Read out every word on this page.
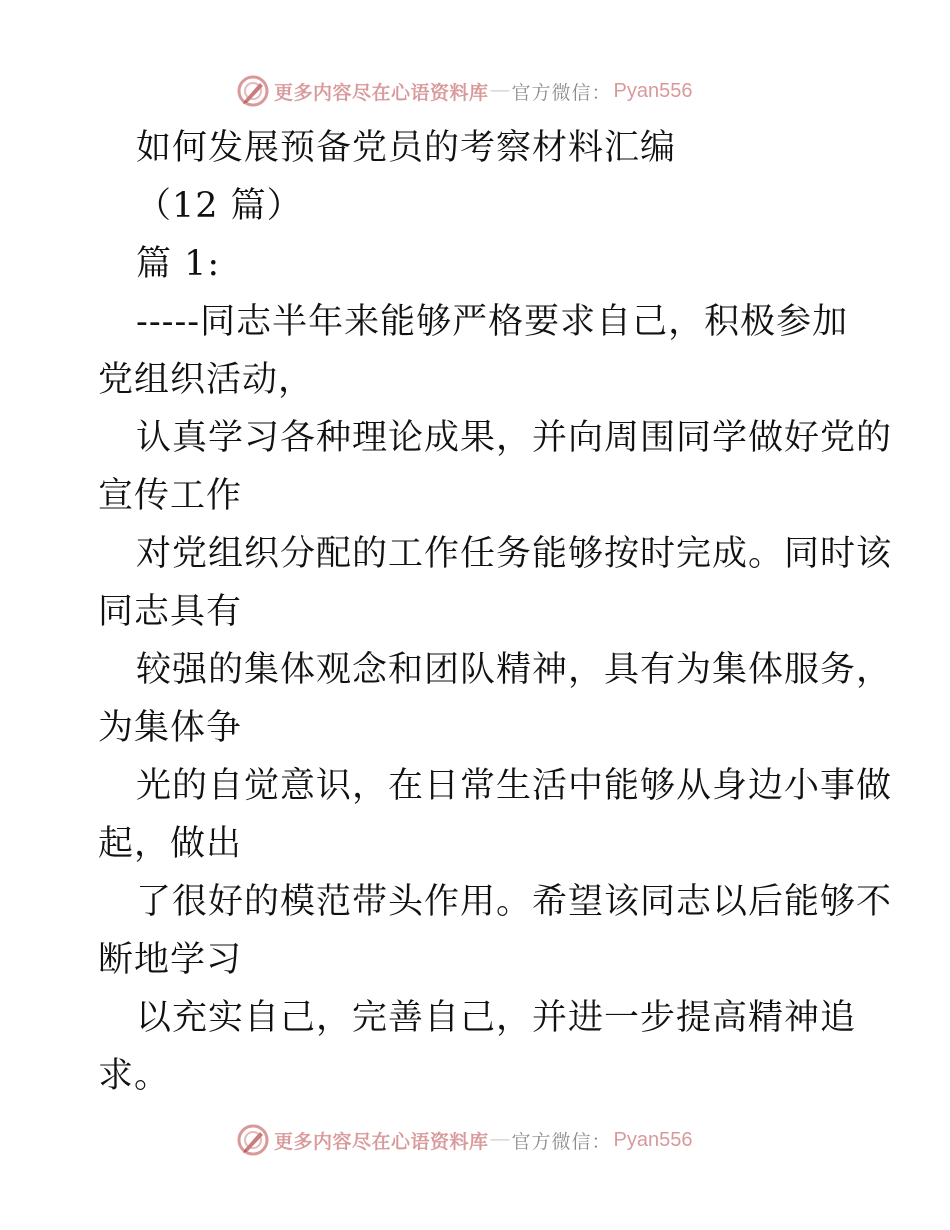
更多内容尽在心语资料库 — 官方微信： Pyan556
如何发展预备党员的考察材料汇编
（12 篇）
篇 1:
-----同志半年来能够严格要求自己，积极参加
党组织活动，
认真学习各种理论成果，并向周围同学做好党的
宣传工作
对党组织分配的工作任务能够按时完成。同时该
同志具有
较强的集体观念和团队精神，具有为集体服务，
为集体争
光的自觉意识，在日常生活中能够从身边小事做
起，做出
了很好的模范带头作用。希望该同志以后能够不
断地学习
以充实自己，完善自己，并进一步提高精神追
求。
更多内容尽在心语资料库 — 官方微信： Pyan556
